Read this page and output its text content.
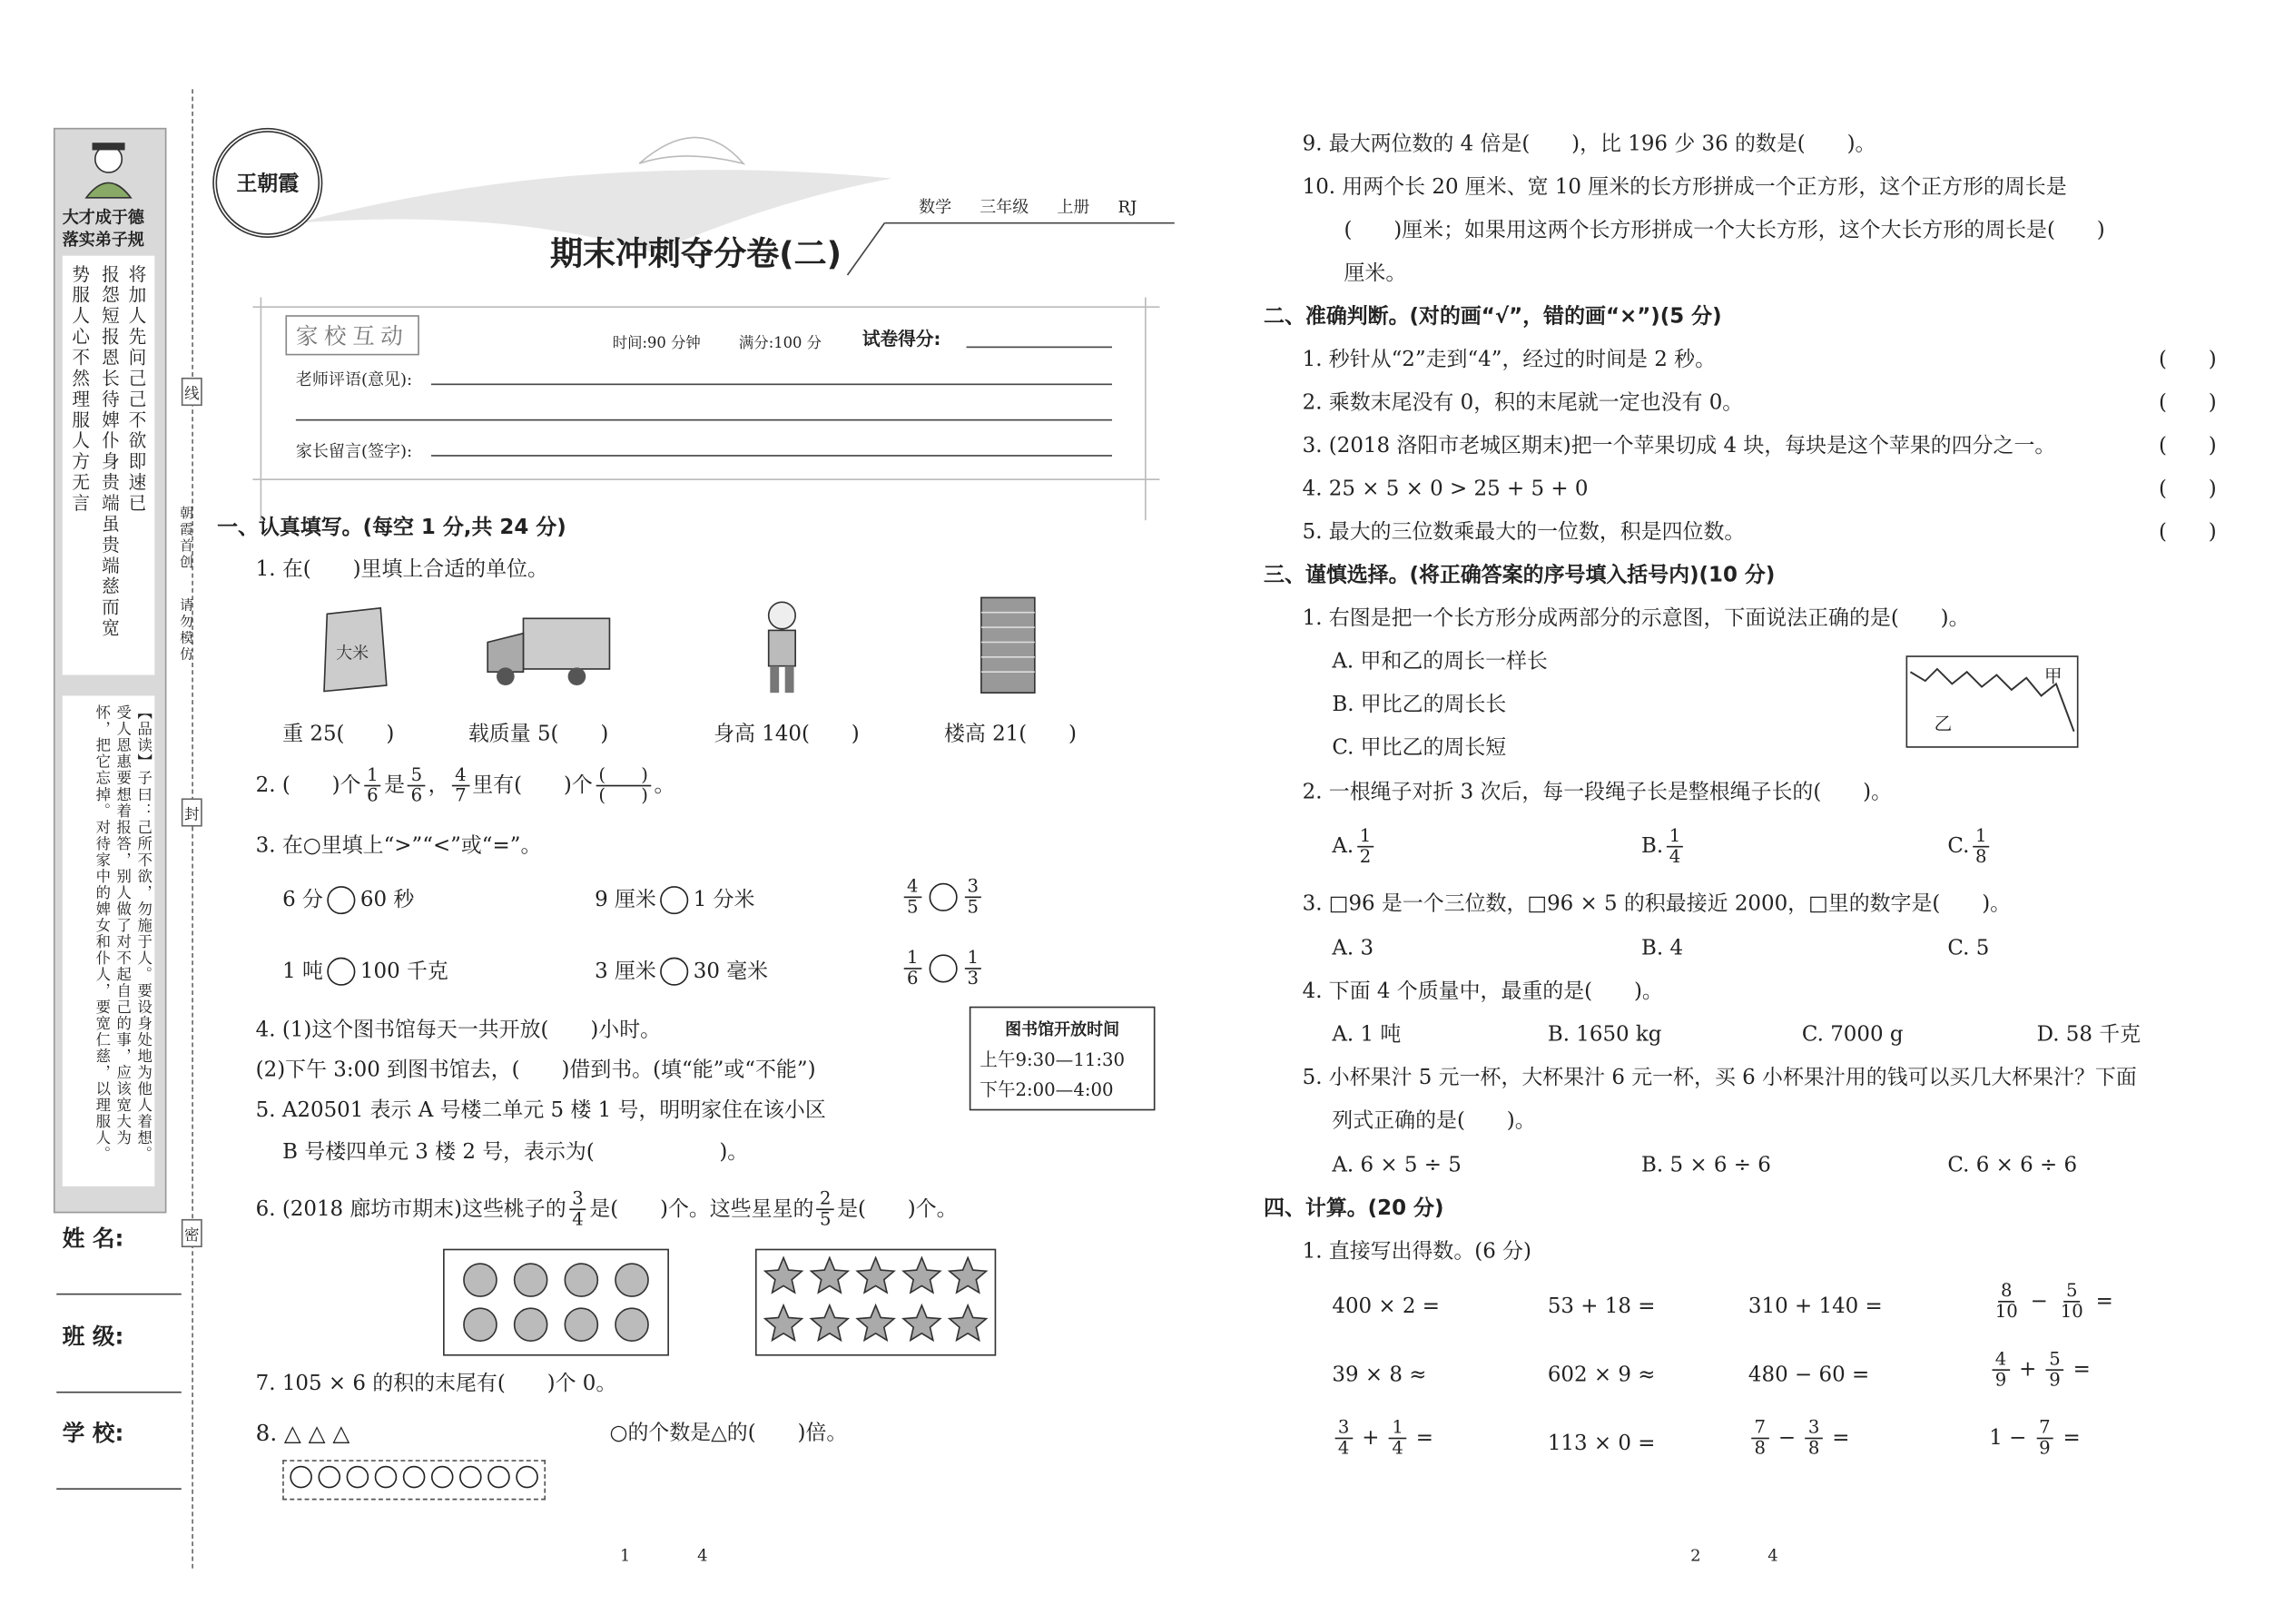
大才成于德
落实弟子规
将加人先问己己不欲即速已
报怨短报恩长待婢仆身贵端虽贵端慈而宽
势服人心不然理服人方无言
【品读】子曰：己所不欲，勿施于人。要设身处地为他人着想。受人恩惠要想着报答，别人做了对不起自己的事，应该宽大为怀，把它忘掉。对待家中的婢女和仆人，要宽仁慈，以理服人。
姓 名:
班 级:
学 校:
线
封
密
朝霞首创
请勿模仿
王朝霞
数学	三年级	上册	RJ
期末冲刺夺分卷(二)
家校互动	时间:90 分钟	满分:100 分	试卷得分:
老师评语(意见):
家长留言(签字):
一、认真填写。(每空 1 分,共 24 分)
1. 在(　　)里填上合适的单位。
大米
重 25(　　)	载质量 5(　　)	身高 140(　　)	楼高 21(　　)
2. (　　)个 $\frac{1}{6}$ 是 $\frac{5}{6}$ ， $\frac{4}{7}$ 里有(　　)个 $\frac{( )}{( )}$ 。
3. 在○里填上“>”“<”或“=”。
6 分	60 秒	9 厘米	1 分米	$\frac{4}{5}$	$\frac{3}{5}$
1 吨	100 千克	3 厘米	30 毫米	$\frac{1}{6}$	$\frac{1}{3}$
4. (1)这个图书馆每天一共开放(　　)小时。
(2)下午 3:00 到图书馆去，(　　)借到书。(填“能”或“不能”)
图书馆开放时间
上午9:30—11:30
下午2:00—4:00
5. A20501 表示 A 号楼二单元 5 楼 1 号，明明家住在该小区
B 号楼四单元 3 楼 2 号，表示为(　　　　　　)。
6. (2018 廊坊市期末)这些桃子的 $\frac{3}{4}$ 是(　　)个。这些星星的 $\frac{2}{5}$ 是(　　)个。
7. 105 × 6 的积的末尾有(　　)个 0。
8. △ △ △	○的个数是△的(　　)倍。
1	4
9. 最大两位数的 4 倍是(　　)，比 196 少 36 的数是(　　)。
10. 用两个长 20 厘米、宽 10 厘米的长方形拼成一个正方形，这个正方形的周长是
(　　)厘米；如果用这两个长方形拼成一个大长方形，这个大长方形的周长是(　　)
厘米。
二、准确判断。(对的画“√”，错的画“×”)(5 分)
1. 秒针从“2”走到“4”，经过的时间是 2 秒。
2. 乘数末尾没有 0，积的末尾就一定也没有 0。
3. (2018 洛阳市老城区期末)把一个苹果切成 4 块，每块是这个苹果的四分之一。
4. 25 × 5 × 0 > 25 + 5 + 0
5. 最大的三位数乘最大的一位数，积是四位数。
(　　)
(　　)
(　　)
(　　)
(　　)
三、谨慎选择。(将正确答案的序号填入括号内)(10 分)
1. 右图是把一个长方形分成两部分的示意图，下面说法正确的是(　　)。
A. 甲和乙的周长一样长
B. 甲比乙的周长长
C. 甲比乙的周长短
甲
乙
2. 一根绳子对折 3 次后，每一段绳子长是整根绳子长的(　　)。
A. $\frac{1}{2}$	B. $\frac{1}{4}$	C. $\frac{1}{8}$
3. □96 是一个三位数，□96 × 5 的积最接近 2000，□里的数字是(　　)。
A. 3	B. 4	C. 5
4. 下面 4 个质量中，最重的是(　　)。
A. 1 吨	B. 1650 kg	C. 7000 g	D. 58 千克
5. 小杯果汁 5 元一杯，大杯果汁 6 元一杯，买 6 小杯果汁用的钱可以买几大杯果汁？下面
列式正确的是(　　)。
A. 6 × 5 ÷ 5	B. 5 × 6 ÷ 6	C. 6 × 6 ÷ 6
四、计算。(20 分)
1. 直接写出得数。(6 分)
400 × 2 =	53 + 18 =	310 + 140 =	$\frac{8}{10} - \frac{5}{10}$ =
39 × 8 ≈	602 × 9 ≈	480 − 60 =	$\frac{4}{9} + \frac{5}{9}$ =
$\frac{3}{4} + \frac{1}{4}$ =	113 × 0 =	$\frac{7}{8} - \frac{3}{8}$ =	$1 - \frac{7}{9}$ =
2	4
